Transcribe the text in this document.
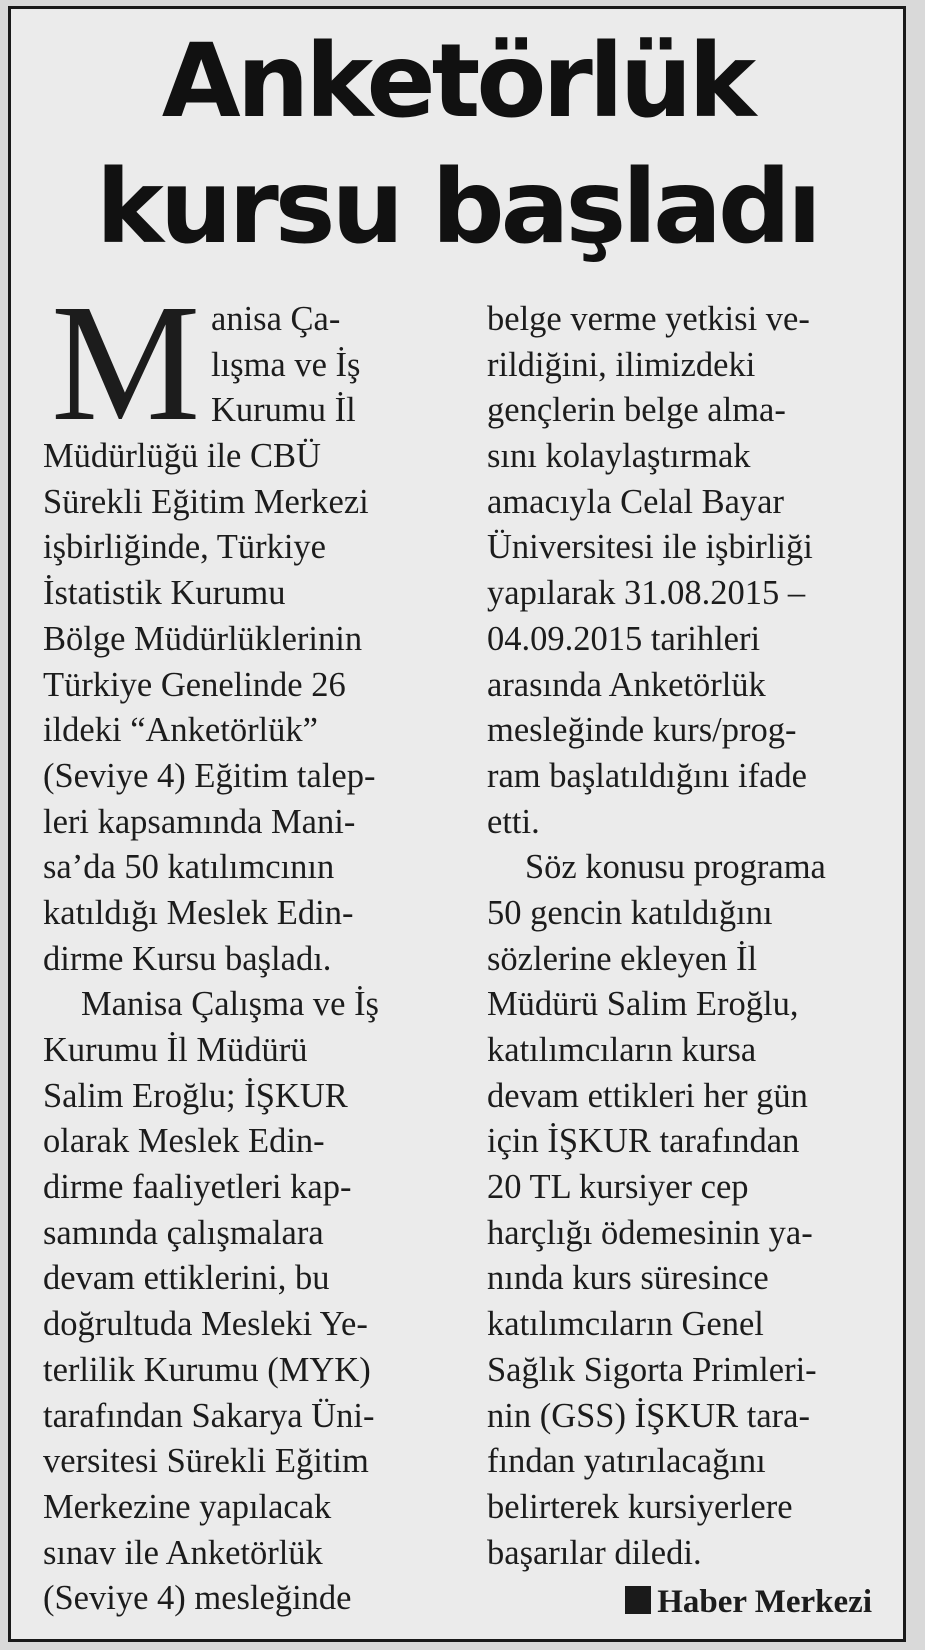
Anketörlük
kursu başladı
M anisa Ça-
lışma ve İş
Kurumu İl
Müdürlüğü ile CBÜ
Sürekli Eğitim Merkezi
işbirliğinde, Türkiye
İstatistik Kurumu
Bölge Müdürlüklerinin
Türkiye Genelinde 26
ildeki “Anketörlük”
(Seviye 4) Eğitim talep-
leri kapsamında Mani-
sa’da 50 katılımcının
katıldığı Meslek Edin-
dirme Kursu başladı.
Manisa Çalışma ve İş
Kurumu İl Müdürü
Salim Eroğlu; İŞKUR
olarak Meslek Edin-
dirme faaliyetleri kap-
samında çalışmalara
devam ettiklerini, bu
doğrultuda Mesleki Ye-
terlilik Kurumu (MYK)
tarafından Sakarya Üni-
versitesi Sürekli Eğitim
Merkezine yapılacak
sınav ile Anketörlük
(Seviye 4) mesleğinde
belge verme yetkisi ve-
rildiğini, ilimizdeki
gençlerin belge alma-
sını kolaylaştırmak
amacıyla Celal Bayar
Üniversitesi ile işbirliği
yapılarak 31.08.2015 –
04.09.2015 tarihleri
arasında Anketörlük
mesleğinde kurs/prog-
ram başlatıldığını ifade
etti.
Söz konusu programa
50 gencin katıldığını
sözlerine ekleyen İl
Müdürü Salim Eroğlu,
katılımcıların kursa
devam ettikleri her gün
için İŞKUR tarafından
20 TL kursiyer cep
harçlığı ödemesinin ya-
nında kurs süresince
katılımcıların Genel
Sağlık Sigorta Primleri-
nin (GSS) İŞKUR tara-
fından yatırılacağını
belirterek kursiyerlere
başarılar diledi.
Haber Merkezi
